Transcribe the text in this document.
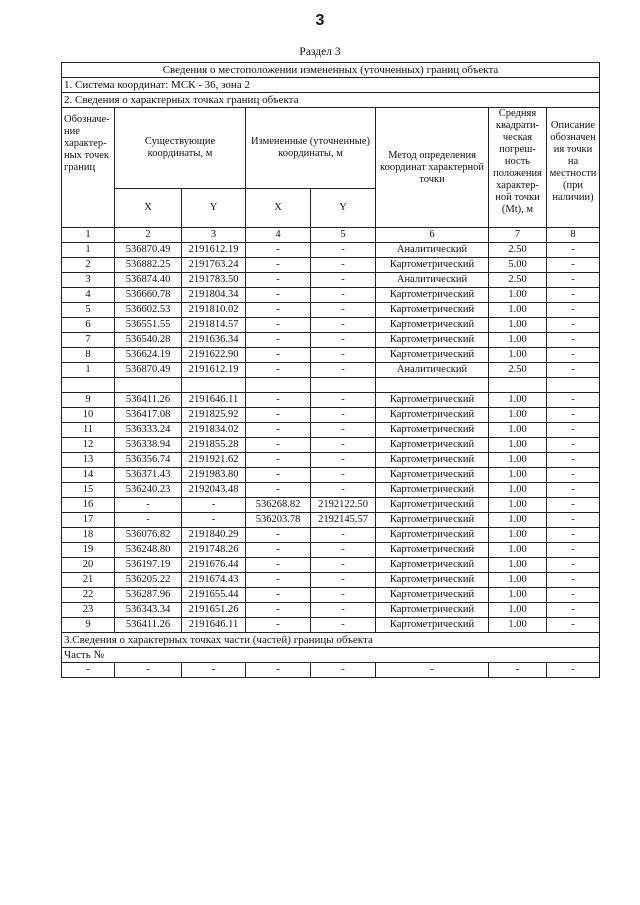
3
Раздел 3
Сведения о местоположении измененных (уточненных) границ объекта							
1. Система координат: МСК - 36, зона 2							
2. Сведения о характерных точках границ объекта							
Обозначе-ние характер-ных точек границ	Существующие координаты, м		Измененные (уточненные) координаты, м		Метод определения координат характерной точки	Средняя квадрати-ческая погреш-ность положения характер-ной точки (Mt), м	Описание обозначен ия точки на местности (при наличии)
	X	Y	X	Y			
1	2	3	4	5	6	7	8
1	536870.49	2191612.19	-	-	Аналитический	2.50	-
2	536882.25	2191763.24	-	-	Картометрический	5.00	-
3	536874.40	2191783.50	-	-	Аналитический	2.50	-
4	536660.78	2191804.34	-	-	Картометрический	1.00	-
5	536602.53	2191810.02	-	-	Картометрический	1.00	-
6	536551.55	2191814.57	-	-	Картометрический	1.00	-
7	536540.28	2191636.34	-	-	Картометрический	1.00	-
8	536624.19	2191622.90	-	-	Картометрический	1.00	-
1	536870.49	2191612.19	-	-	Аналитический	2.50	-

9	536411.26	2191646.11	-	-	Картометрический	1.00	-
10	536417.08	2191825.92	-	-	Картометрический	1.00	-
11	536333.24	2191834.02	-	-	Картометрический	1.00	-
12	536338.94	2191855.28	-	-	Картометрический	1.00	-
13	536356.74	2191921.62	-	-	Картометрический	1.00	-
14	536371.43	2191983.80	-	-	Картометрический	1.00	-
15	536240.23	2192043.48	-	-	Картометрический	1.00	-
16	-	-	536268.82	2192122.50	Картометрический	1.00	-
17	-	-	536203.78	2192145.57	Картометрический	1.00	-
18	536076.82	2191840.29	-	-	Картометрический	1.00	-
19	536248.80	2191748.26	-	-	Картометрический	1.00	-
20	536197.19	2191676.44	-	-	Картометрический	1.00	-
21	536205.22	2191674.43	-	-	Картометрический	1.00	-
22	536287.96	2191655.44	-	-	Картометрический	1.00	-
23	536343.34	2191651.26	-	-	Картометрический	1.00	-
9	536411.26	2191646.11	-	-	Картометрический	1.00	-
3.Сведения о характерных точках части (частей) границы объекта							
Часть №							
-	-	-	-	-	-	-	-
